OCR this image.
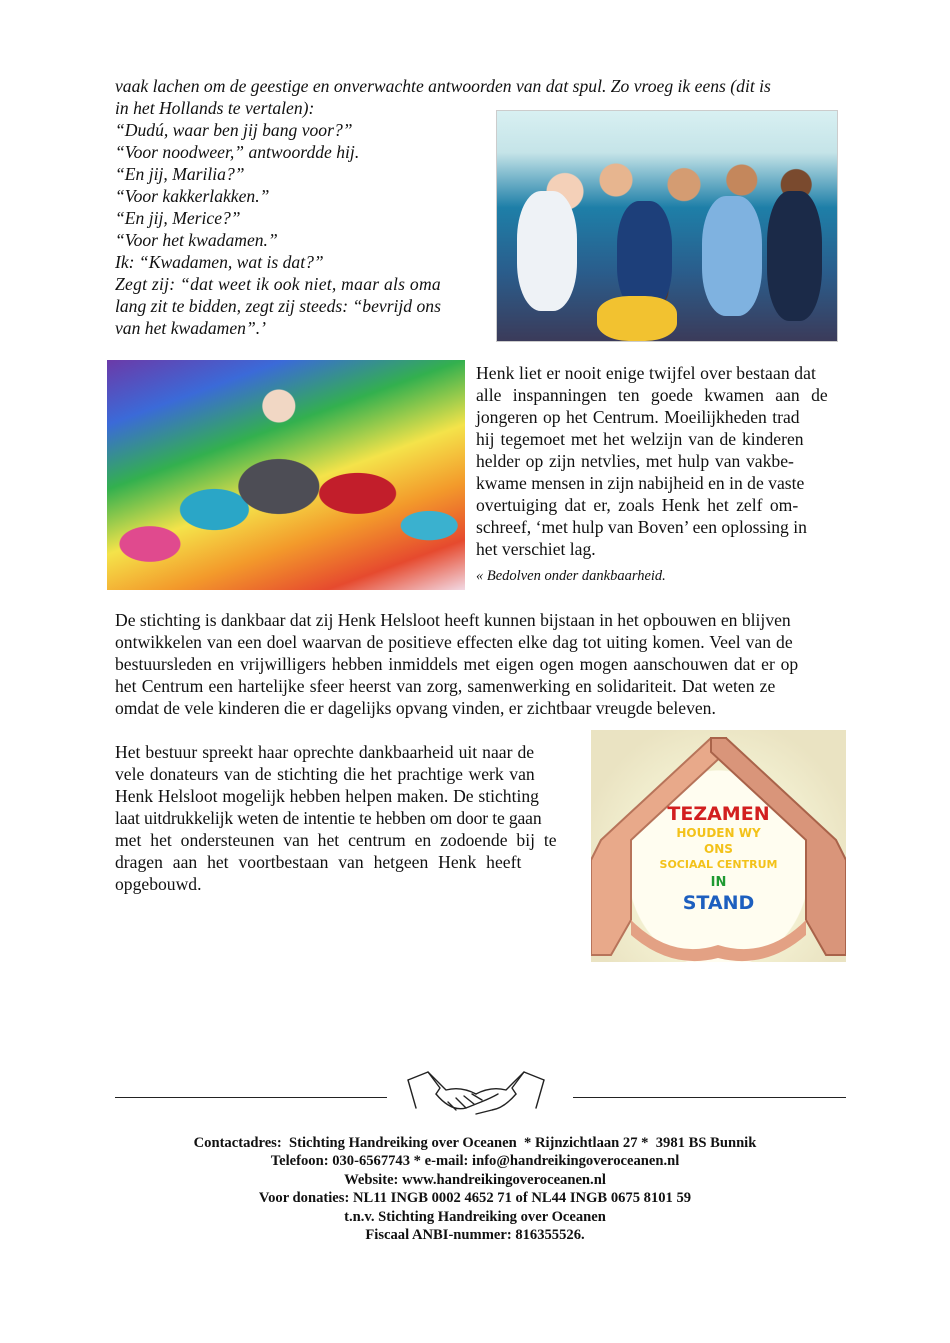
vaak lachen om de geestige en onverwachte antwoorden van dat spul. Zo vroeg ik eens (dit is
in het Hollands te vertalen):
“Dudú, waar ben jij bang voor?”
“Voor noodweer,” antwoordde hij.
“En jij, Marilia?”
“Voor kakkerlakken.”
“En jij, Merice?”
“Voor het kwadamen.”
Ik: “Kwadamen, wat is dat?”
Zegt zij: “dat weet ik ook niet, maar als oma
lang zit te bidden, zegt zij steeds: “bevrijd ons
van het kwadamen”.’
Henk liet er nooit enige twijfel over bestaan dat
alle inspanningen ten goede kwamen aan de
jongeren op het Centrum. Moeilijkheden trad
hij tegemoet met het welzijn van de kinderen
helder op zijn netvlies, met hulp van vakbe-
kwame mensen in zijn nabijheid en in de vaste
overtuiging dat er, zoals Henk het zelf om-
schreef, ‘met hulp van Boven’ een oplossing in
het verschiet lag.
« Bedolven onder dankbaarheid.
De stichting is dankbaar dat zij Henk Helsloot heeft kunnen bijstaan in het opbouwen en blijven
ontwikkelen van een doel waarvan de positieve effecten elke dag tot uiting komen. Veel van de
bestuursleden en vrijwilligers hebben inmiddels met eigen ogen mogen aanschouwen dat er op
het Centrum een hartelijke sfeer heerst van zorg, samenwerking en solidariteit. Dat weten ze
omdat de vele kinderen die er dagelijks opvang vinden, er zichtbaar vreugde beleven.
Het bestuur spreekt haar oprechte dankbaarheid uit naar de
vele donateurs van de stichting die het prachtige werk van
Henk Helsloot mogelijk hebben helpen maken. De stichting
laat uitdrukkelijk weten de intentie te hebben om door te gaan
met het ondersteunen van het centrum en zodoende bij te
dragen aan het voortbestaan van hetgeen Henk heeft
opgebouwd.
TEZAMEN
HOUDEN WY
ONS
SOCIAAL CENTRUM
IN
STAND
Contactadres:  Stichting Handreiking over Oceanen  * Rijnzichtlaan 27 *  3981 BS Bunnik
Telefoon: 030-6567743 * e-mail: info@handreikingoveroceanen.nl
Website: www.handreikingoveroceanen.nl
Voor donaties: NL11 INGB 0002 4652 71 of NL44 INGB 0675 8101 59
t.n.v. Stichting Handreiking over Oceanen
Fiscaal ANBI-nummer: 816355526.
